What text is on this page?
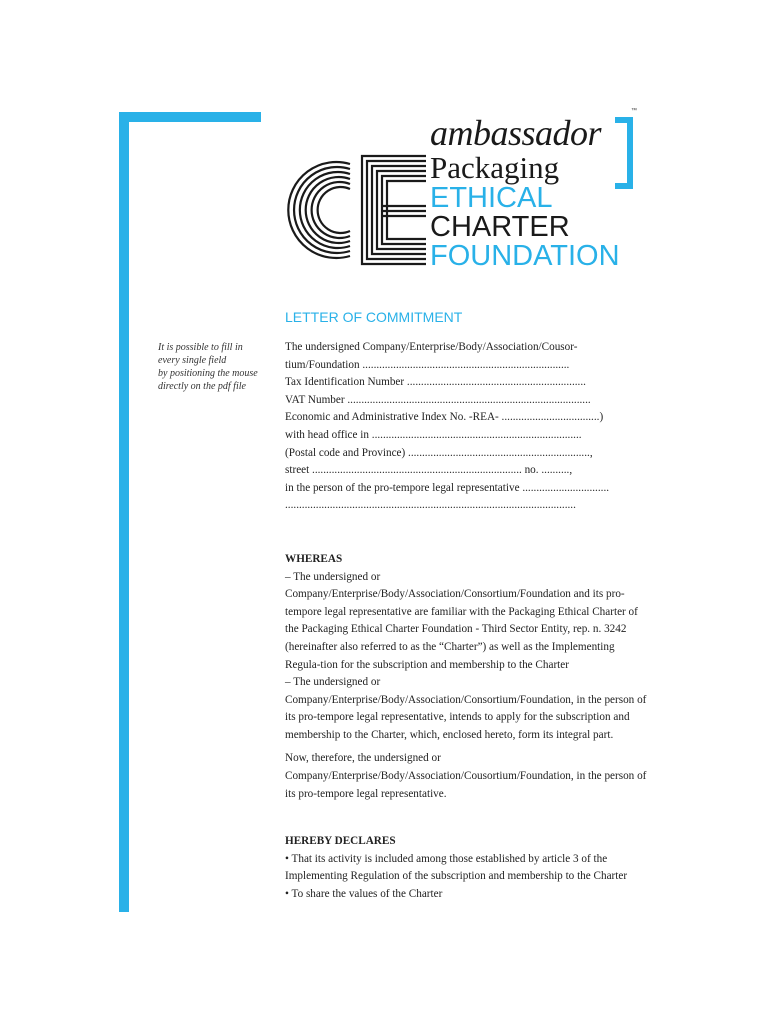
™
ambassador
Packaging
ETHICAL
CHARTER
FOUNDATION
LETTER OF COMMITMENT
It is possible to fill in
every single field
by positioning the mouse
directly on the pdf file
The undersigned Company/Enterprise/Body/Association/Cousor-
tium/Foundation ..........................................................................
Tax Identification Number ................................................................
VAT Number .......................................................................................
Economic and Administrative Index No. -REA- ...................................)
with head office in ...........................................................................
(Postal code and Province) .................................................................,
street ........................................................................... no. ..........,
in the person of the pro-tempore legal representative ...............................
........................................................................................................

WHEREAS

– The undersigned or Company/Enterprise/Body/Association/Consortium/Foundation and its pro-tempore legal representative are familiar with the Packaging Ethical Charter of the Packaging Ethical Charter Foundation - Third Sector Entity, rep. n. 3242 (hereinafter also referred to as the “Charter”) as well as the Implementing Regula-tion for the subscription and membership to the Charter

– The undersigned or Company/Enterprise/Body/Association/Consortium/Foundation, in the person of its pro-tempore legal representative, intends to apply for the subscription and membership to the Charter, which, enclosed hereto, form its integral part.

Now, therefore, the undersigned or Company/Enterprise/Body/Association/Cousortium/Foundation, in the person of its pro-tempore legal representative.

HEREBY DECLARES

• That its activity is included among those established by article 3 of the Implementing Regulation of the subscription and membership to the Charter

• To share the values of the Charter
